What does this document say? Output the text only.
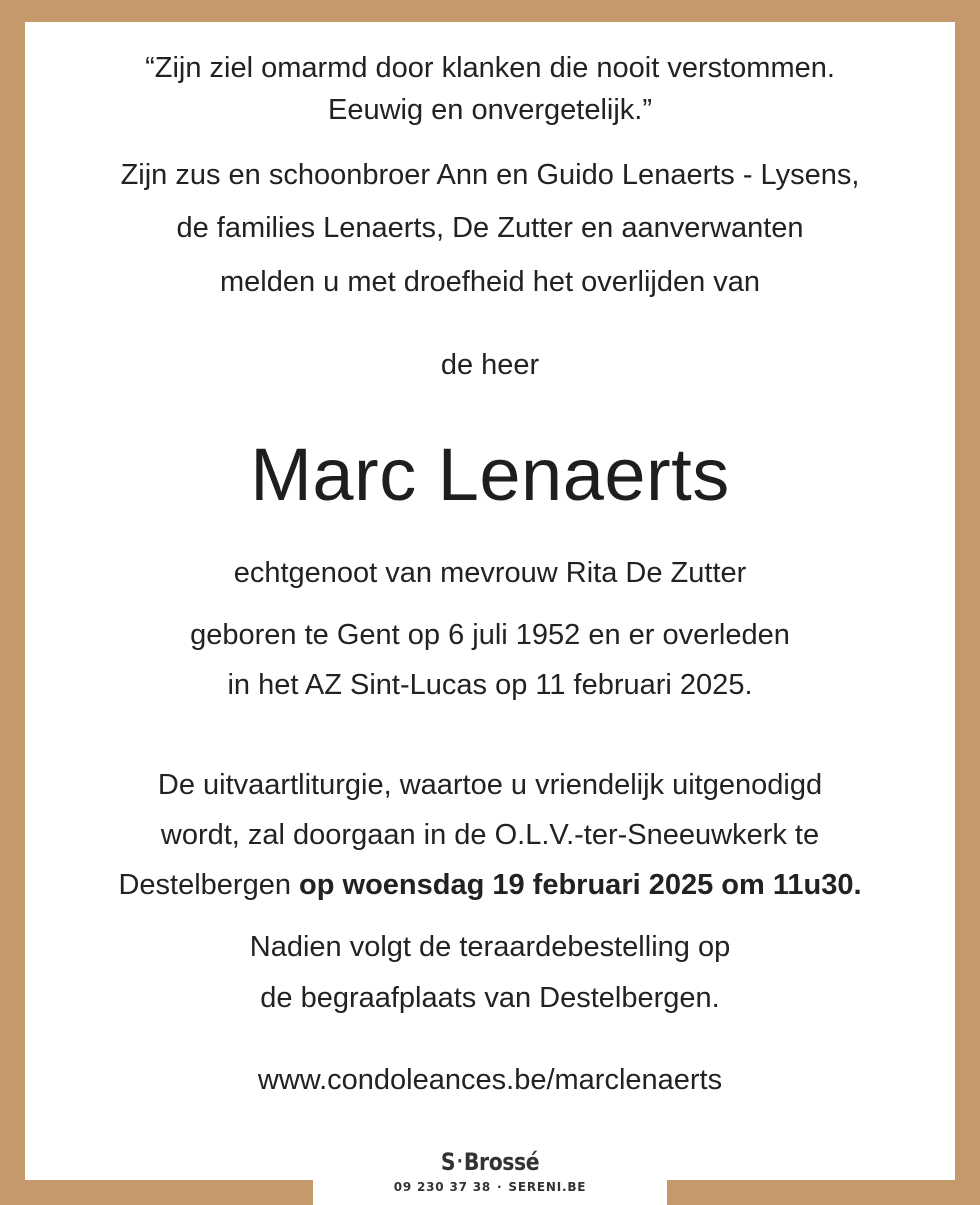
“Zijn ziel omarmd door klanken die nooit verstommen.
Eeuwig en onvergetelijk.”
Zijn zus en schoonbroer Ann en Guido Lenaerts - Lysens,
de families Lenaerts, De Zutter en aanverwanten
melden u met droefheid het overlijden van
de heer
Marc Lenaerts
echtgenoot van mevrouw Rita De Zutter
geboren te Gent op 6 juli 1952 en er overleden
in het AZ Sint-Lucas op 11 februari 2025.
De uitvaartliturgie, waartoe u vriendelijk uitgenodigd
wordt, zal doorgaan in de O.L.V.-ter-Sneeuwkerk te
Destelbergen op woensdag 19 februari 2025 om 11u30.
Nadien volgt de teraardebestelling op
de begraafplaats van Destelbergen.
www.condoleances.be/marclenaerts
S·Brossé
09 230 37 38 · SERENI.BE
